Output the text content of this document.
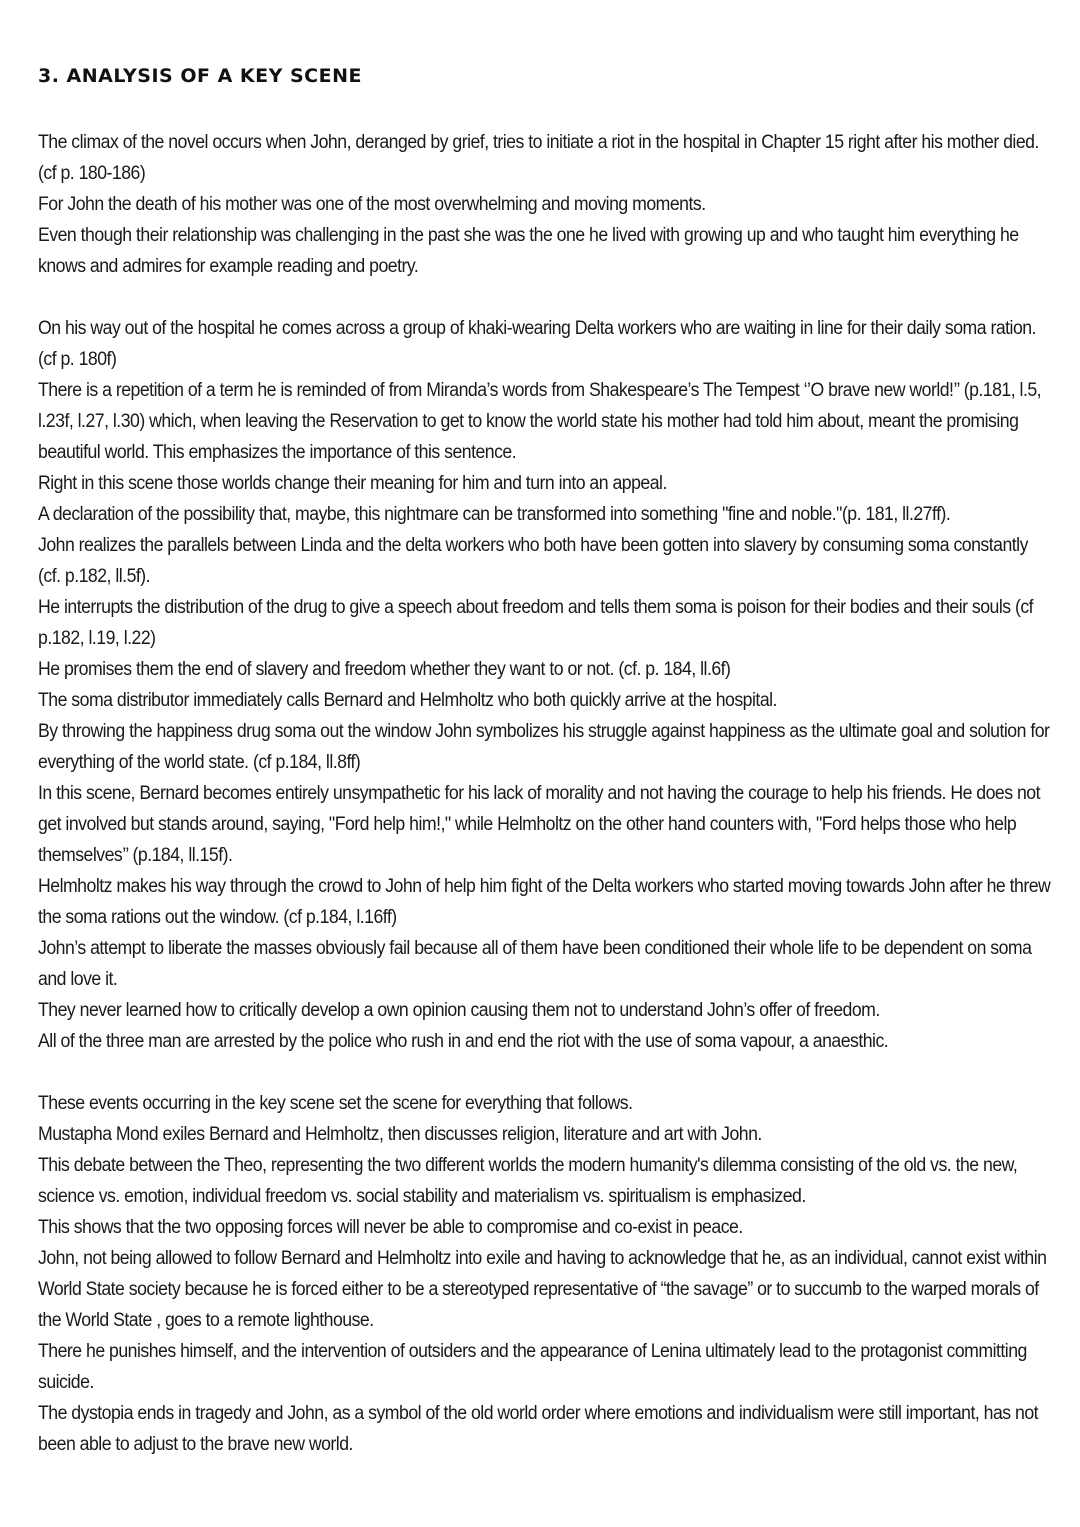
3. ANALYSIS OF A KEY SCENE

The climax of the novel occurs when John, deranged by grief, tries to initiate a riot in the hospital in Chapter 15 right after his mother died. (cf p. 180-186)

For John the death of his mother was one of the most overwhelming and moving moments.

Even though their relationship was challenging in the past she was the one he lived with growing up and who taught him everything he knows and admires for example reading and poetry.

On his way out of the hospital he comes across a group of khaki-wearing Delta workers who are waiting in line for their daily soma ration. (cf p. 180f)

There is a repetition of a term he is reminded of from Miranda’s words from Shakespeare’s The Tempest ‘’O brave new world!’’ (p.181, l.5, l.23f, l.27, l.30) which, when leaving the Reservation to get to know the world state his mother had told him about, meant the promising beautiful world. This emphasizes the importance of this sentence.

Right in this scene those worlds change their meaning for him and turn into an appeal.

A declaration of the possibility that, maybe, this nightmare can be transformed into something "fine and noble."(p. 181, ll.27ff).

John realizes the parallels between Linda and the delta workers who both have been gotten into slavery by consuming soma constantly (cf. p.182, ll.5f).

He interrupts the distribution of the drug to give a speech about freedom and tells them soma is poison for their bodies and their souls (cf p.182, l.19, l.22)

He promises them the end of slavery and freedom whether they want to or not. (cf. p. 184, ll.6f)

The soma distributor immediately calls Bernard and Helmholtz who both quickly arrive at the hospital.

By throwing the happiness drug soma out the window John symbolizes his struggle against happiness as the ultimate goal and solution for everything of the world state. (cf p.184, ll.8ff)

In this scene, Bernard becomes entirely unsympathetic for his lack of morality and not having the courage to help his friends. He does not get involved but stands around, saying, "Ford help him!," while Helmholtz on the other hand counters with, "Ford helps those who help themselves’’ (p.184, ll.15f).

Helmholtz makes his way through the crowd to John of help him fight of the Delta workers who started moving towards John after he threw the soma rations out the window. (cf p.184, l.16ff)

John’s attempt to liberate the masses obviously fail because all of them have been conditioned their whole life to be dependent on soma and love it.

They never learned how to critically develop a own opinion causing them not to understand John’s offer of freedom.

All of the three man are arrested by the police who rush in and end the riot with the use of soma vapour, a anaesthic.

These events occurring in the key scene set the scene for everything that follows.

Mustapha Mond exiles Bernard and Helmholtz, then discusses religion, literature and art with John.

This debate between the Theo, representing the two different worlds the modern humanity's dilemma consisting of the old vs. the new, science vs. emotion, individual freedom vs. social stability and materialism vs. spiritualism is emphasized.

This shows that the two opposing forces will never be able to compromise and co-exist in peace.

John, not being allowed to follow Bernard and Helmholtz into exile and having to acknowledge that he, as an individual, cannot exist within World State society because he is forced either to be a stereotyped representative of “the savage” or to succumb to the warped morals of the World State , goes to a remote lighthouse.

There he punishes himself, and the intervention of outsiders and the appearance of Lenina ultimately lead to the protagonist committing suicide.

The dystopia ends in tragedy and John, as a symbol of the old world order where emotions and individualism were still important, has not been able to adjust to the brave new world.
